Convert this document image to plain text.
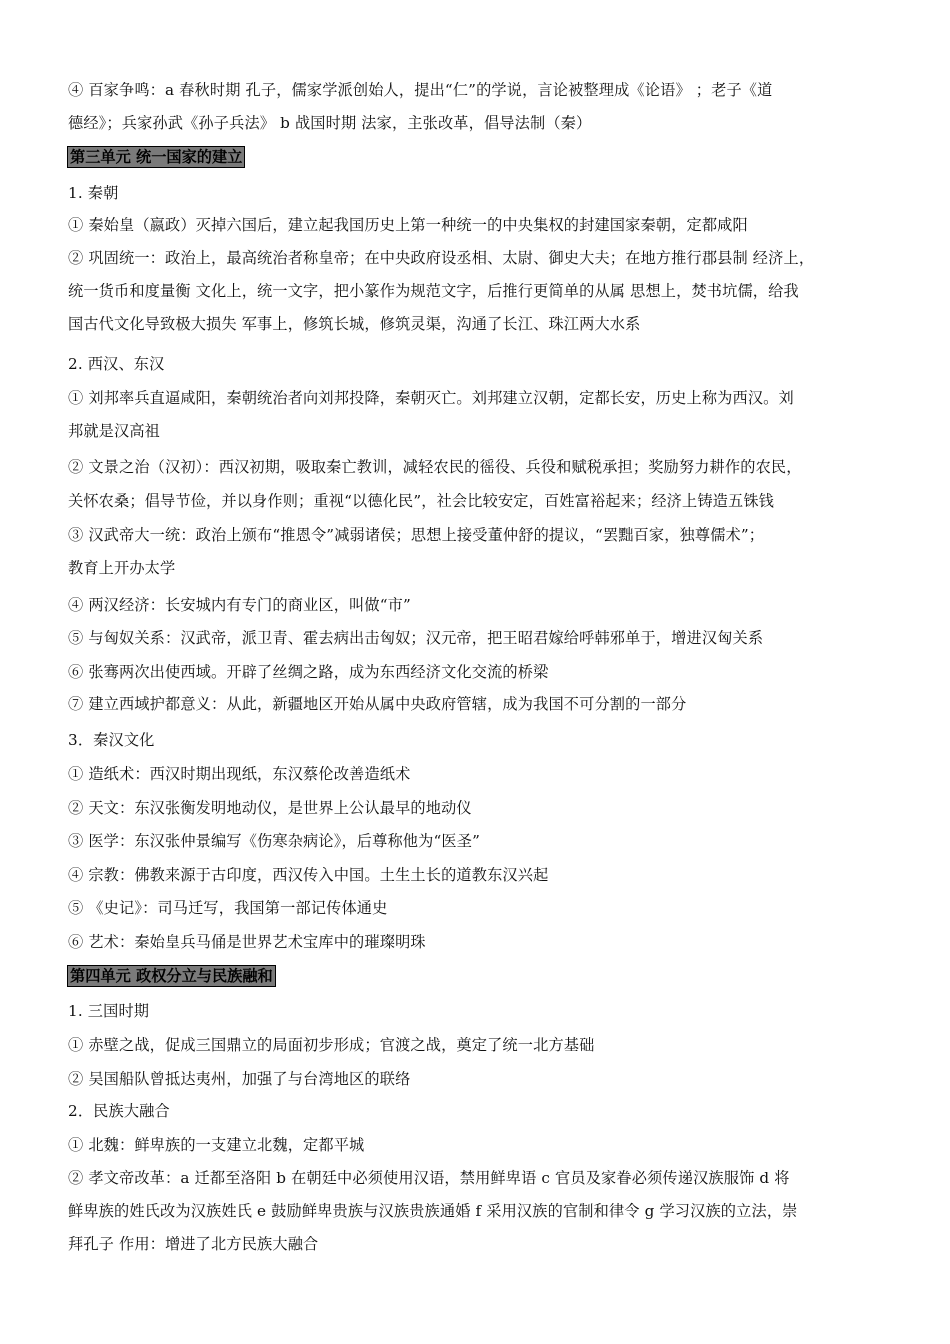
④ 百家争鸣：a 春秋时期 孔子，儒家学派创始人，提出“仁”的学说，言论被整理成《论语》 ；老子《道
德经》；兵家孙武《孙子兵法》 b 战国时期 法家，主张改革，倡导法制（秦）
第三单元 统一国家的建立
1. 秦朝
① 秦始皇（嬴政）灭掉六国后，建立起我国历史上第一种统一的中央集权的封建国家秦朝，定都咸阳
② 巩固统一：政治上，最高统治者称皇帝；在中央政府设丞相、太尉、御史大夫；在地方推行郡县制 经济上，
统一货币和度量衡 文化上，统一文字，把小篆作为规范文字，后推行更简单的从属 思想上，焚书坑儒，给我
国古代文化导致极大损失 军事上，修筑长城，修筑灵渠，沟通了长江、珠江两大水系
2. 西汉、东汉
① 刘邦率兵直逼咸阳，秦朝统治者向刘邦投降，秦朝灭亡。刘邦建立汉朝，定都长安，历史上称为西汉。刘
邦就是汉高祖
② 文景之治（汉初）：西汉初期，吸取秦亡教训，减轻农民的徭役、兵役和赋税承担；奖励努力耕作的农民，
关怀农桑；倡导节俭，并以身作则；重视“以德化民”，社会比较安定，百姓富裕起来；经济上铸造五铢钱
③ 汉武帝大一统：政治上颁布“推恩令”减弱诸侯；思想上接受董仲舒的提议，“罢黜百家，独尊儒术”；
教育上开办太学
④ 两汉经济：长安城内有专门的商业区，叫做“市”
⑤ 与匈奴关系：汉武帝，派卫青、霍去病出击匈奴；汉元帝，把王昭君嫁给呼韩邪单于，增进汉匈关系
⑥ 张骞两次出使西域。开辟了丝绸之路，成为东西经济文化交流的桥梁
⑦ 建立西域护都意义：从此，新疆地区开始从属中央政府管辖，成为我国不可分割的一部分
3．秦汉文化
① 造纸术：西汉时期出现纸，东汉蔡伦改善造纸术
② 天文：东汉张衡发明地动仪，是世界上公认最早的地动仪
③ 医学：东汉张仲景编写《伤寒杂病论》，后尊称他为“医圣”
④ 宗教：佛教来源于古印度，西汉传入中国。土生土长的道教东汉兴起
⑤ 《史记》：司马迁写，我国第一部记传体通史
⑥ 艺术：秦始皇兵马俑是世界艺术宝库中的璀璨明珠
第四单元 政权分立与民族融和
1. 三国时期
① 赤壁之战，促成三国鼎立的局面初步形成；官渡之战，奠定了统一北方基础
② 吴国船队曾抵达夷州，加强了与台湾地区的联络
2．民族大融合
① 北魏：鲜卑族的一支建立北魏，定都平城
② 孝文帝改革：a 迁都至洛阳 b 在朝廷中必须使用汉语，禁用鲜卑语 c 官员及家眷必须传递汉族服饰 d 将
鲜卑族的姓氏改为汉族姓氏 e 鼓励鲜卑贵族与汉族贵族通婚 f 采用汉族的官制和律令 g 学习汉族的立法，崇
拜孔子 作用：增进了北方民族大融合
